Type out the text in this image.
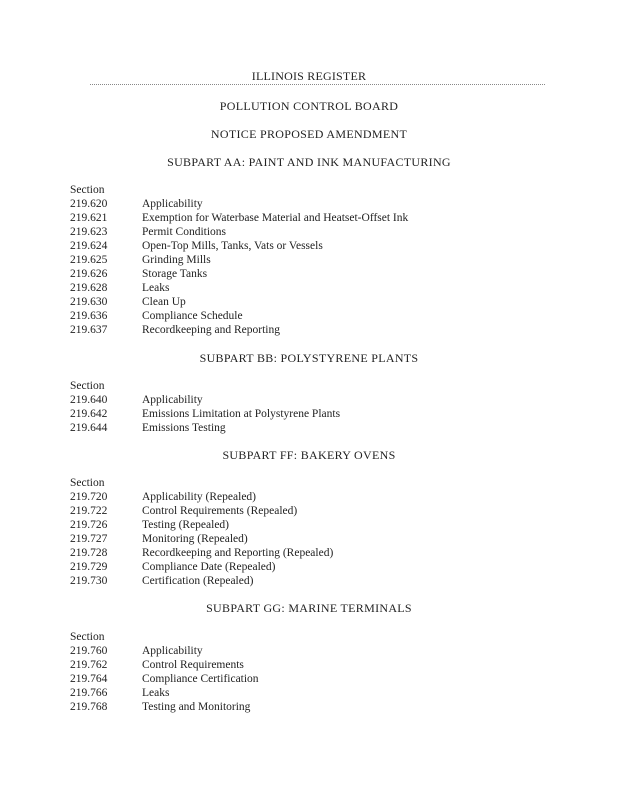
ILLINOIS REGISTER
POLLUTION CONTROL BOARD
NOTICE PROPOSED AMENDMENT
SUBPART AA: PAINT AND INK MANUFACTURING
Section
219.620	Applicability
219.621	Exemption for Waterbase Material and Heatset-Offset Ink
219.623	Permit Conditions
219.624	Open-Top Mills, Tanks, Vats or Vessels
219.625	Grinding Mills
219.626	Storage Tanks
219.628	Leaks
219.630	Clean Up
219.636	Compliance Schedule
219.637	Recordkeeping and Reporting
SUBPART BB: POLYSTYRENE PLANTS
Section
219.640	Applicability
219.642	Emissions Limitation at Polystyrene Plants
219.644	Emissions Testing
SUBPART FF: BAKERY OVENS
Section
219.720	Applicability (Repealed)
219.722	Control Requirements (Repealed)
219.726	Testing (Repealed)
219.727	Monitoring (Repealed)
219.728	Recordkeeping and Reporting (Repealed)
219.729	Compliance Date (Repealed)
219.730	Certification (Repealed)
SUBPART GG: MARINE TERMINALS
Section
219.760	Applicability
219.762	Control Requirements
219.764	Compliance Certification
219.766	Leaks
219.768	Testing and Monitoring
